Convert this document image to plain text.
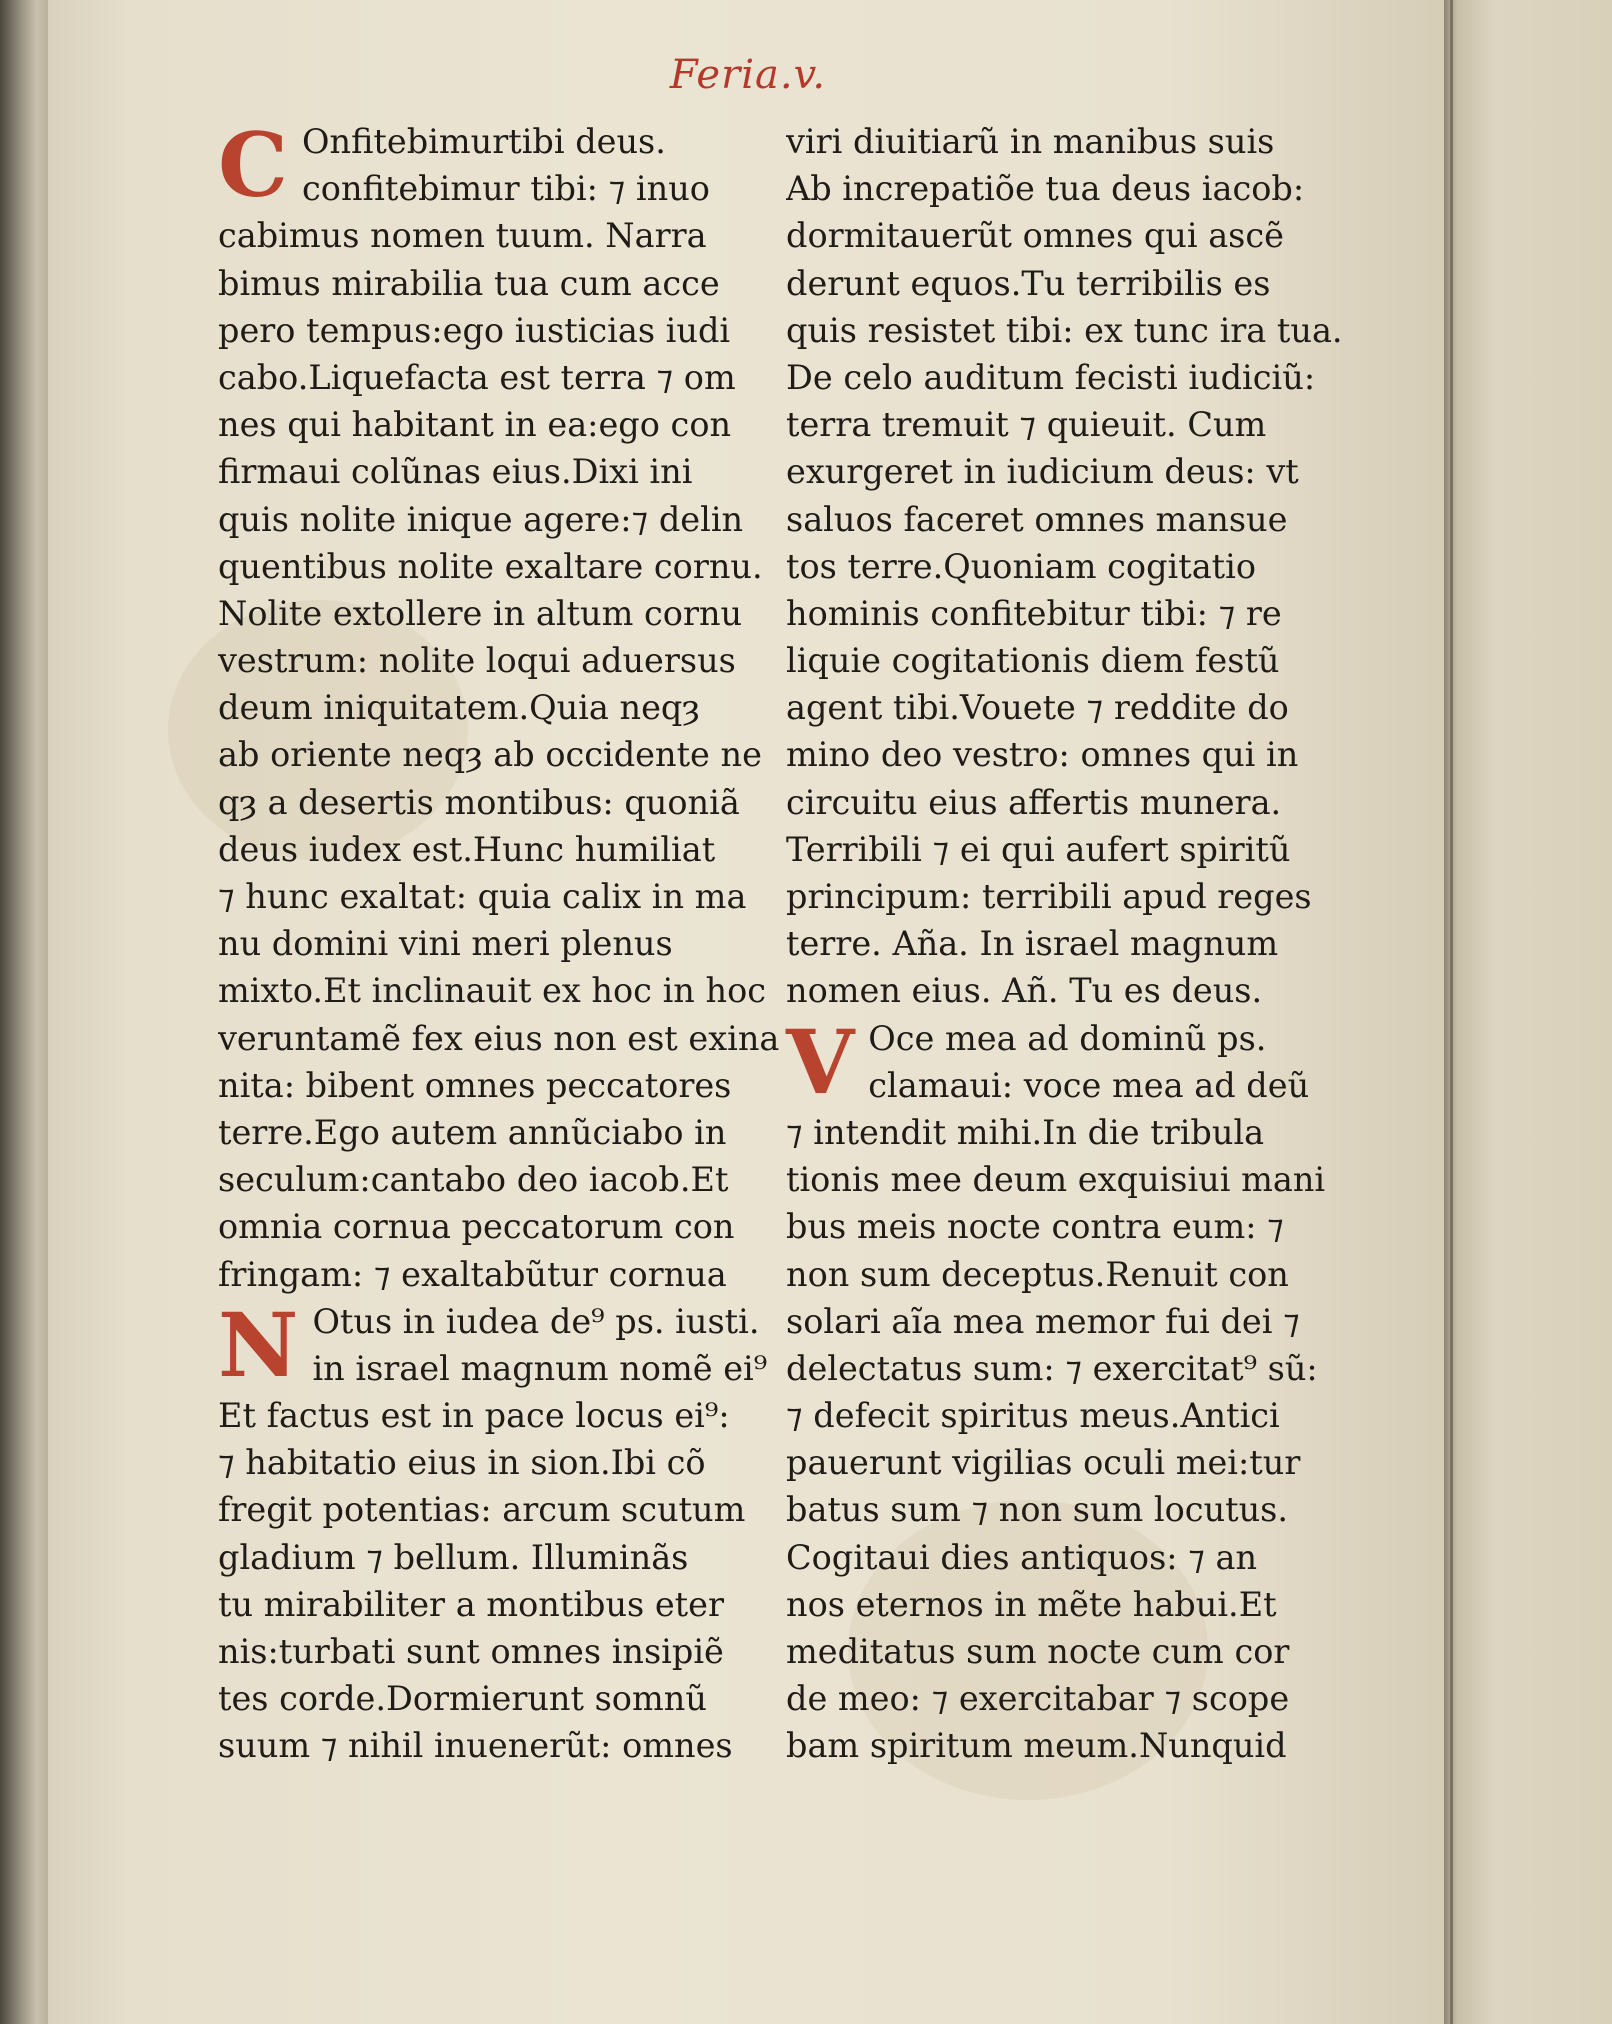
Feria.v.
C Onfitebimurtibi deus.
confitebimur tibi: ⁊ inuo
cabimus nomen tuum. Narra
bimus mirabilia tua cum acce
pero tempus:ego iusticias iudi
cabo.Liquefacta est terra ⁊ om
nes qui habitant in ea:ego con
firmaui colũnas eius.Dixi ini
quis nolite inique agere:⁊ delin
quentibus nolite exaltare cornu.
Nolite extollere in altum cornu
vestrum: nolite loqui aduersus
deum iniquitatem.Quia neqȝ
ab oriente neqȝ ab occidente ne
qȝ a desertis montibus: quoniã
deus iudex est.Hunc humiliat
⁊ hunc exaltat: quia calix in ma
nu domini vini meri plenus
mixto.Et inclinauit ex hoc in hoc
veruntamẽ fex eius non est exina
nita: bibent omnes peccatores
terre.Ego autem annũciabo in
seculum:cantabo deo iacob.Et
omnia cornua peccatorum con
fringam: ⁊ exaltabũtur cornua
N Otus in iudea de⁹ ps. iusti.
in israel magnum nomẽ ei⁹
Et factus est in pace locus ei⁹:
⁊ habitatio eius in sion.Ibi cõ
fregit potentias: arcum scutum
gladium ⁊ bellum. Illuminãs
tu mirabiliter a montibus eter
nis:turbati sunt omnes insipiẽ
tes corde.Dormierunt somnũ
suum ⁊ nihil inuenerũt: omnes
viri diuitiarũ in manibus suis
Ab increpatiõe tua deus iacob:
dormitauerũt omnes qui ascẽ
derunt equos.Tu terribilis es
quis resistet tibi: ex tunc ira tua.
De celo auditum fecisti iudiciũ:
terra tremuit ⁊ quieuit. Cum
exurgeret in iudicium deus: vt
saluos faceret omnes mansue
tos terre.Quoniam cogitatio
hominis confitebitur tibi: ⁊ re
liquie cogitationis diem festũ
agent tibi.Vouete ⁊ reddite do
mino deo vestro: omnes qui in
circuitu eius affertis munera.
Terribili ⁊ ei qui aufert spiritũ
principum: terribili apud reges
terre. Aña. In israel magnum
nomen eius. Añ. Tu es deus.
V Oce mea ad dominũ ps.
clamaui: voce mea ad deũ
⁊ intendit mihi.In die tribula
tionis mee deum exquisiui mani
bus meis nocte contra eum: ⁊
non sum deceptus.Renuit con
solari aĩa mea memor fui dei ⁊
delectatus sum: ⁊ exercitat⁹ sũ:
⁊ defecit spiritus meus.Antici
pauerunt vigilias oculi mei:tur
batus sum ⁊ non sum locutus.
Cogitaui dies antiquos: ⁊ an
nos eternos in mẽte habui.Et
meditatus sum nocte cum cor
de meo: ⁊ exercitabar ⁊ scope
bam spiritum meum.Nunquid
